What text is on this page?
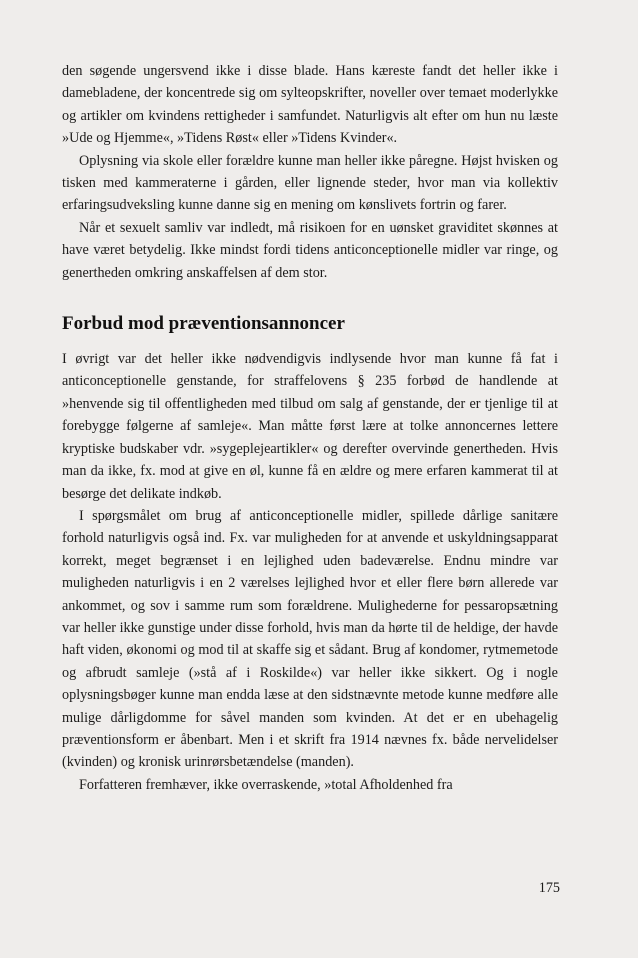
den søgende ungersvend ikke i disse blade. Hans kæreste fandt det heller ikke i damebladene, der koncentrede sig om sylteopskrifter, noveller over temaet moderlykke og artikler om kvindens rettigheder i samfundet. Naturligvis alt efter om hun nu læste »Ude og Hjemme«, »Tidens Røst« eller »Tidens Kvinder«.

Oplysning via skole eller forældre kunne man heller ikke påregne. Højst hvisken og tisken med kammeraterne i gården, eller lignende steder, hvor man via kollektiv erfaringsudveksling kunne danne sig en mening om kønslivets fortrin og farer.

Når et sexuelt samliv var indledt, må risikoen for en uønsket graviditet skønnes at have været betydelig. Ikke mindst fordi tidens anticonceptionelle midler var ringe, og genertheden omkring anskaffelsen af dem stor.

Forbud mod præventionsannoncer

I øvrigt var det heller ikke nødvendigvis indlysende hvor man kunne få fat i anticonceptionelle genstande, for straffelovens § 235 forbød de handlende at »henvende sig til offentligheden med tilbud om salg af genstande, der er tjenlige til at forebygge følgerne af samleje«. Man måtte først lære at tolke annoncernes lettere kryptiske budskaber vdr. »sygeplejeartikler« og derefter overvinde genertheden. Hvis man da ikke, fx. mod at give en øl, kunne få en ældre og mere erfaren kammerat til at besørge det delikate indkøb.

I spørgsmålet om brug af anticonceptionelle midler, spillede dårlige sanitære forhold naturligvis også ind. Fx. var muligheden for at anvende et uskyldningsapparat korrekt, meget begrænset i en lejlighed uden badeværelse. Endnu mindre var muligheden naturligvis i en 2 værelses lejlighed hvor et eller flere børn allerede var ankommet, og sov i samme rum som forældrene. Mulighederne for pessaropsætning var heller ikke gunstige under disse forhold, hvis man da hørte til de heldige, der havde haft viden, økonomi og mod til at skaffe sig et sådant. Brug af kondomer, rytmemetode og afbrudt samleje (»stå af i Roskilde«) var heller ikke sikkert. Og i nogle oplysningsbøger kunne man endda læse at den sidstnævnte metode kunne medføre alle mulige dårligdomme for såvel manden som kvinden. At det er en ubehagelig præventionsform er åbenbart. Men i et skrift fra 1914 nævnes fx. både nervelidelser (kvinden) og kronisk urinrørsbetændelse (manden).

Forfatteren fremhæver, ikke overraskende, »total Afholdenhed fra

175
